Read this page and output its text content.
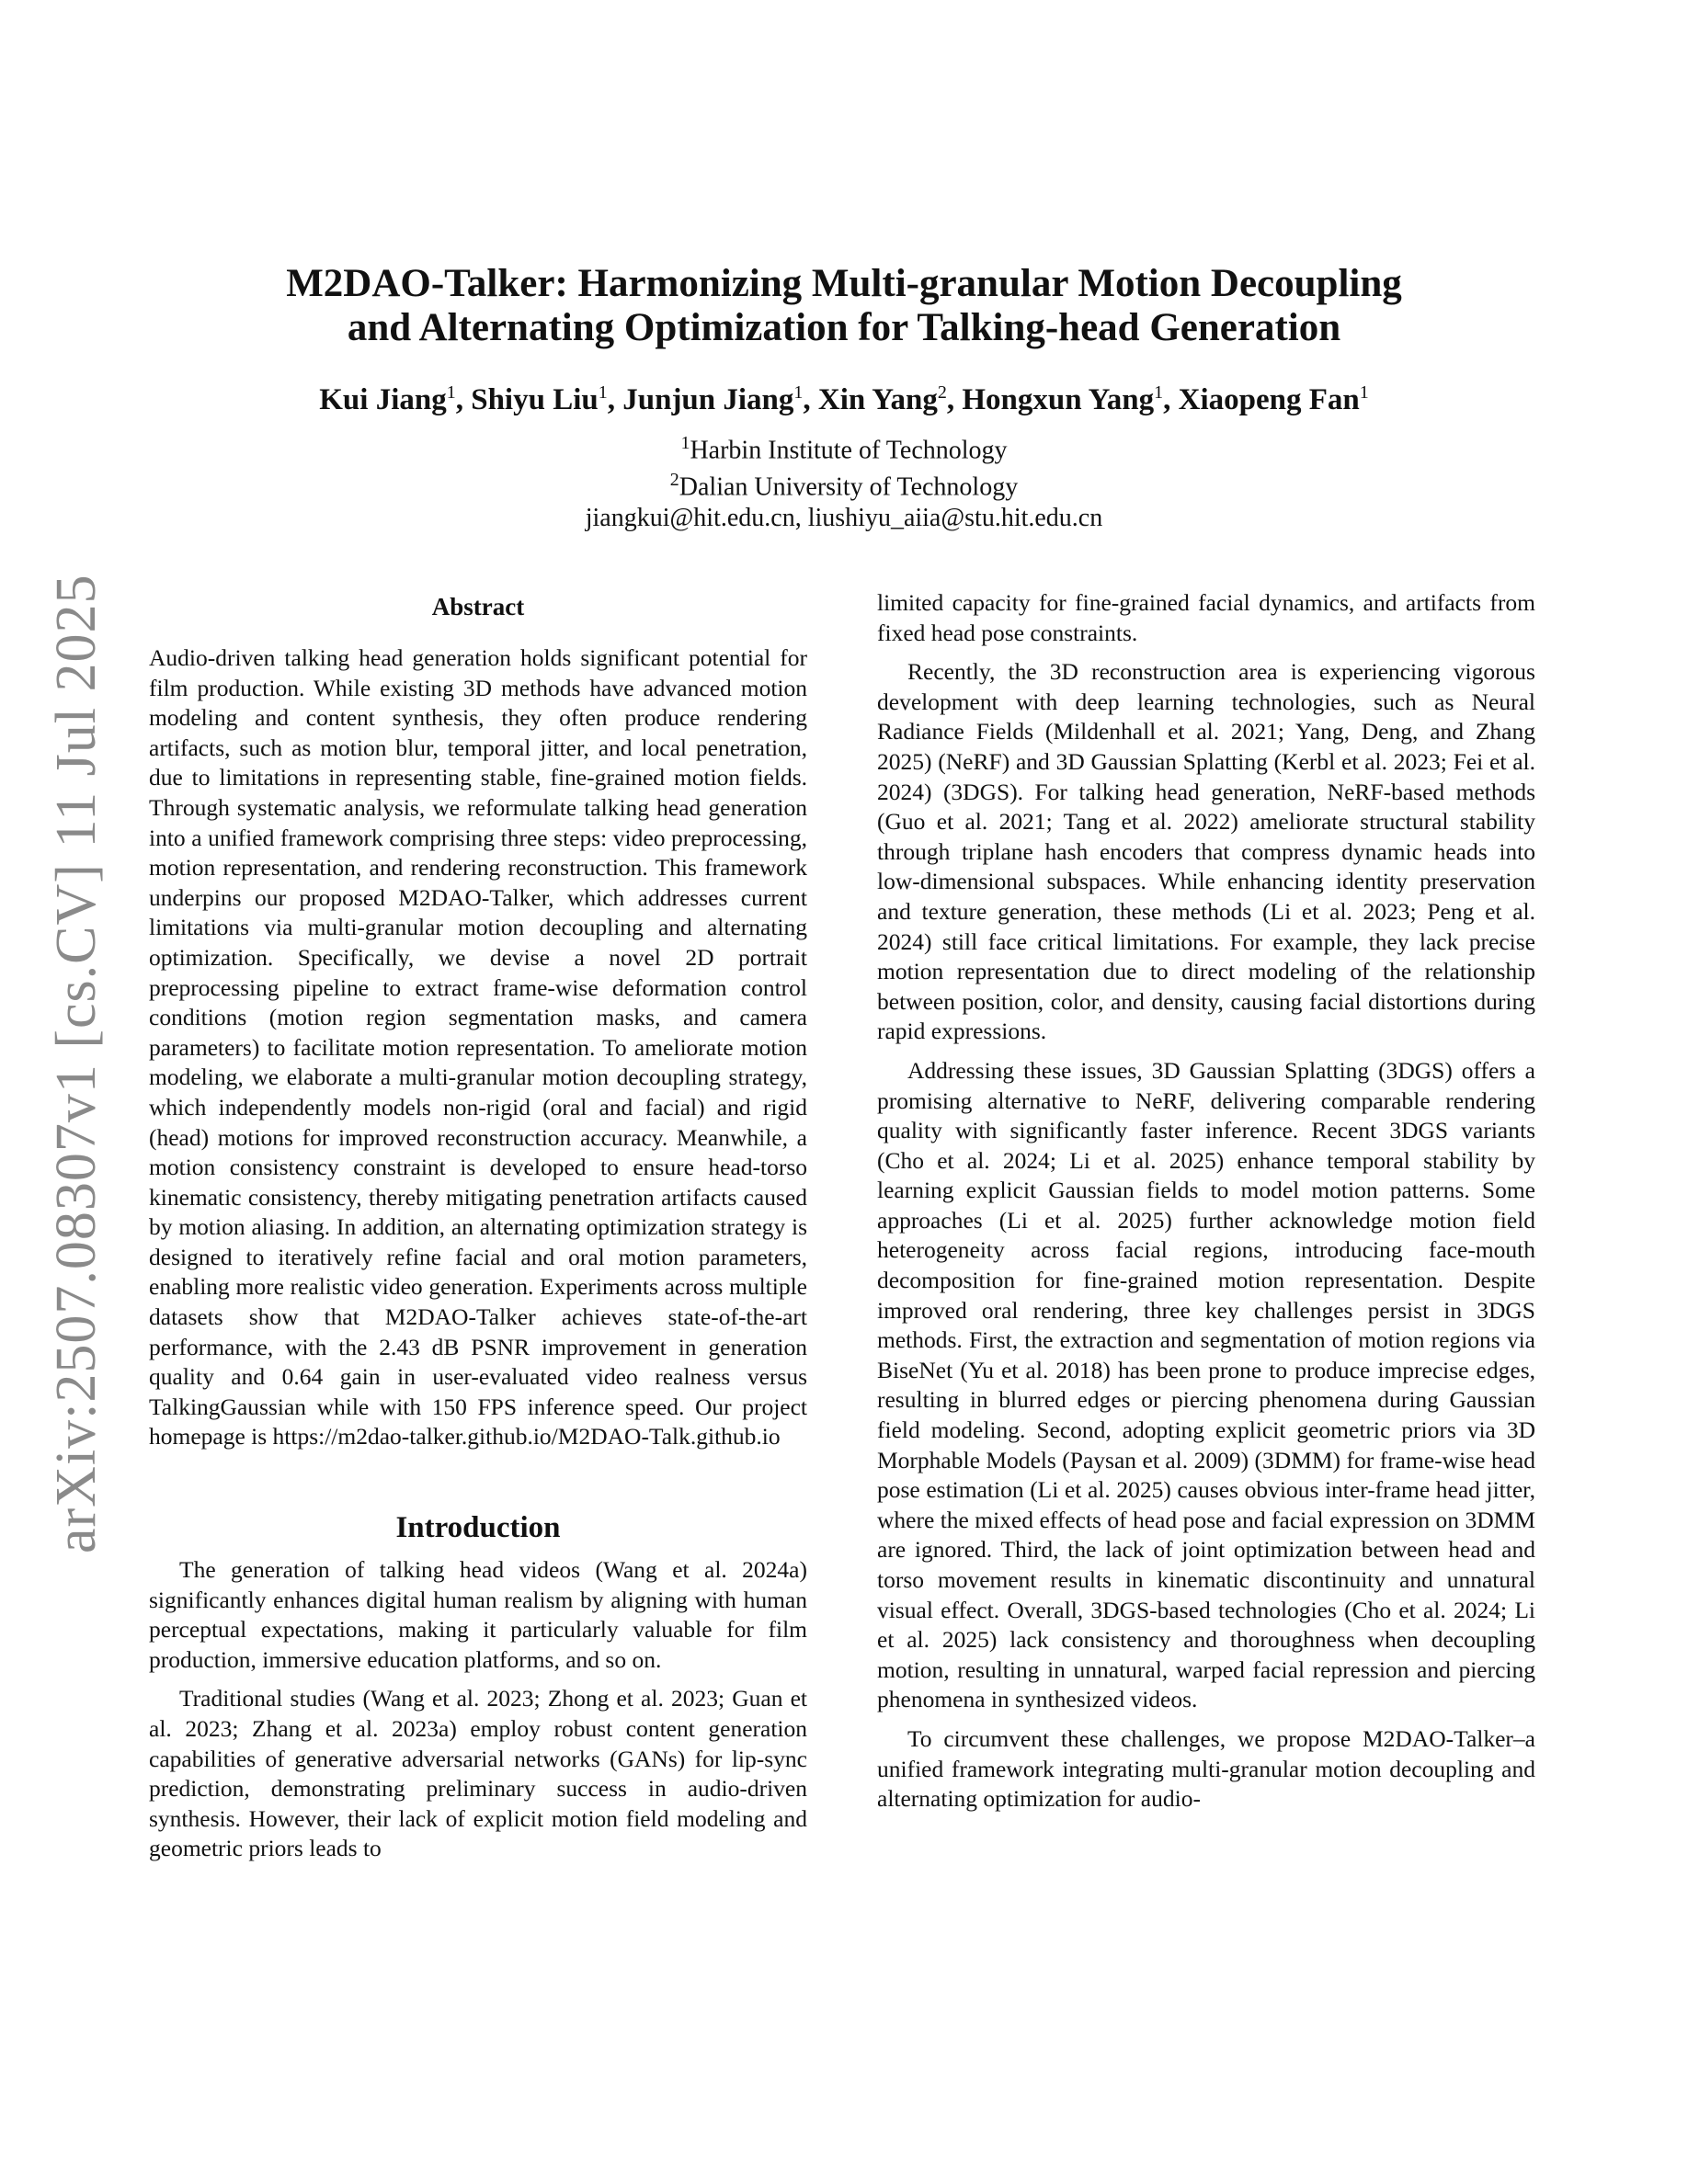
arXiv:2507.08307v1 [cs.CV] 11 Jul 2025
M2DAO-Talker: Harmonizing Multi-granular Motion Decoupling
and Alternating Optimization for Talking-head Generation
Kui Jiang$^1$, Shiyu Liu$^1$, Junjun Jiang$^1$, Xin Yang$^2$, Hongxun Yang$^1$, Xiaopeng Fan$^1$
$^1$Harbin Institute of Technology
$^2$Dalian University of Technology
jiangkui@hit.edu.cn, liushiyu_aiia@stu.hit.edu.cn
Abstract
Audio-driven talking head generation holds significant potential for film production. While existing 3D methods have advanced motion modeling and content synthesis, they often produce rendering artifacts, such as motion blur, temporal jitter, and local penetration, due to limitations in representing stable, fine-grained motion fields. Through systematic analysis, we reformulate talking head generation into a unified framework comprising three steps: video preprocessing, motion representation, and rendering reconstruction. This framework underpins our proposed M2DAO-Talker, which addresses current limitations via multi-granular motion decoupling and alternating optimization. Specifically, we devise a novel 2D portrait preprocessing pipeline to extract frame-wise deformation control conditions (motion region segmentation masks, and camera parameters) to facilitate motion representation. To ameliorate motion modeling, we elaborate a multi-granular motion decoupling strategy, which independently models non-rigid (oral and facial) and rigid (head) motions for improved reconstruction accuracy. Meanwhile, a motion consistency constraint is developed to ensure head-torso kinematic consistency, thereby mitigating penetration artifacts caused by motion aliasing. In addition, an alternating optimization strategy is designed to iteratively refine facial and oral motion parameters, enabling more realistic video generation. Experiments across multiple datasets show that M2DAO-Talker achieves state-of-the-art performance, with the 2.43 dB PSNR improvement in generation quality and 0.64 gain in user-evaluated video realness versus TalkingGaussian while with 150 FPS inference speed. Our project homepage is https://m2dao-talker.github.io/M2DAO-Talk.github.io
Introduction

The generation of talking head videos (Wang et al. 2024a) significantly enhances digital human realism by aligning with human perceptual expectations, making it particularly valuable for film production, immersive education platforms, and so on.

Traditional studies (Wang et al. 2023; Zhong et al. 2023; Guan et al. 2023; Zhang et al. 2023a) employ robust content generation capabilities of generative adversarial networks (GANs) for lip-sync prediction, demonstrating preliminary success in audio-driven synthesis. However, their lack of explicit motion field modeling and geometric priors leads to

limited capacity for fine-grained facial dynamics, and artifacts from fixed head pose constraints.

Recently, the 3D reconstruction area is experiencing vigorous development with deep learning technologies, such as Neural Radiance Fields (Mildenhall et al. 2021; Yang, Deng, and Zhang 2025) (NeRF) and 3D Gaussian Splatting (Kerbl et al. 2023; Fei et al. 2024) (3DGS). For talking head generation, NeRF-based methods (Guo et al. 2021; Tang et al. 2022) ameliorate structural stability through triplane hash encoders that compress dynamic heads into low-dimensional subspaces. While enhancing identity preservation and texture generation, these methods (Li et al. 2023; Peng et al. 2024) still face critical limitations. For example, they lack precise motion representation due to direct modeling of the relationship between position, color, and density, causing facial distortions during rapid expressions.

Addressing these issues, 3D Gaussian Splatting (3DGS) offers a promising alternative to NeRF, delivering comparable rendering quality with significantly faster inference. Recent 3DGS variants (Cho et al. 2024; Li et al. 2025) enhance temporal stability by learning explicit Gaussian fields to model motion patterns. Some approaches (Li et al. 2025) further acknowledge motion field heterogeneity across facial regions, introducing face-mouth decomposition for fine-grained motion representation. Despite improved oral rendering, three key challenges persist in 3DGS methods. First, the extraction and segmentation of motion regions via BiseNet (Yu et al. 2018) has been prone to produce imprecise edges, resulting in blurred edges or piercing phenomena during Gaussian field modeling. Second, adopting explicit geometric priors via 3D Morphable Models (Paysan et al. 2009) (3DMM) for frame-wise head pose estimation (Li et al. 2025) causes obvious inter-frame head jitter, where the mixed effects of head pose and facial expression on 3DMM are ignored. Third, the lack of joint optimization between head and torso movement results in kinematic discontinuity and unnatural visual effect. Overall, 3DGS-based technologies (Cho et al. 2024; Li et al. 2025) lack consistency and thoroughness when decoupling motion, resulting in unnatural, warped facial repression and piercing phenomena in synthesized videos.

To circumvent these challenges, we propose M2DAO-Talker–a unified framework integrating multi-granular motion decoupling and alternating optimization for audio-
